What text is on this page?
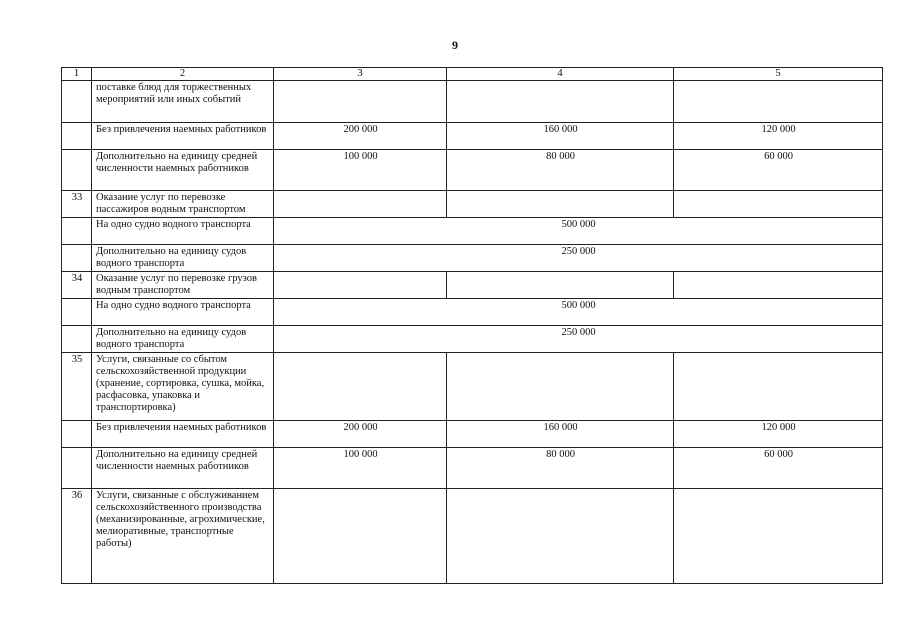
9
1	2	3	4	5
	поставке блюд для торжественных мероприятий или иных событий			
	Без привлечения наемных работников	200 000	160 000	120 000
	Дополнительно на единицу средней численности наемных работников	100 000	80 000	60 000
33	Оказание услуг по перевозке пассажиров водным транспортом			
	На одно судно водного транспорта	500 000		
	Дополнительно на единицу судов водного транспорта	250 000		
34	Оказание услуг по перевозке грузов водным транспортом			
	На одно судно водного транспорта	500 000		
	Дополнительно на единицу судов водного транспорта	250 000		
35	Услуги, связанные со сбытом сельскохозяйственной продукции (хранение, сортировка, сушка, мойка, расфасовка, упаковка и транспортировка)			
	Без привлечения наемных работников	200 000	160 000	120 000
	Дополнительно на единицу средней численности наемных работников	100 000	80 000	60 000
36	Услуги, связанные с обслуживанием сельскохозяйственного производства (механизированные, агрохимические, мелиоративные, транспортные работы)			
